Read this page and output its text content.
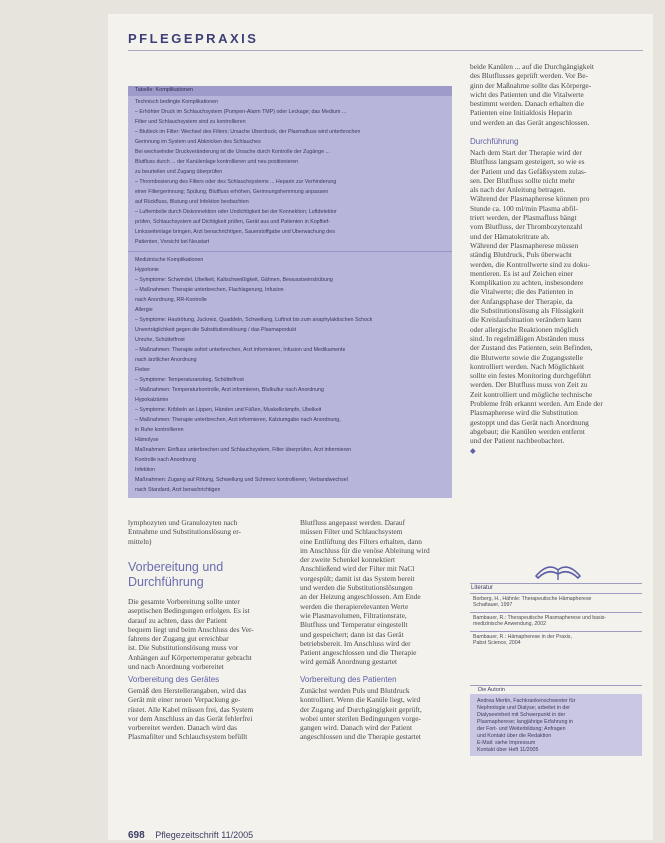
PFLEGEPRAXIS
Tabelle: Komplikationen
Technisch bedingte Komplikationen
– Erhöhter Druck im Schlauchsystem (Pumpen-Alarm TMP) oder Leckage; das Medium ...
Filter und Schlauchsystem sind zu kontrollieren
– Blutleck im Filter: Wechsel des Filters; Ursache Überdruck; der Plasmafluss wird unterbrochen
Gerinnung im System und Abknicken des Schlauches
Bei wechselnder Druckveränderung ist die Ursache durch Kontrolle der Zugänge ...
Blutfluss durch ... der Kanülenlage kontrollieren und neu positionieren
zu beurteilen und Zugang überprüfen
– Thrombosierung des Filters oder des Schlauchsystems ... Heparin zur Verhinderung
einer Filtergerinnung; Spülung, Blutfluss erhöhen, Gerinnungshemmung anpassen
auf Rückfluss, Blutung und Infektion beobachten
– Luftembolie durch Diskonnektion oder Undichtigkeit bei der Konnektion; Luftdetektor
prüfen, Schlauchsystem auf Dichtigkeit prüfen, Gerät aus und Patienten in Kopftief-
Linksseitenlage bringen, Arzt benachrichtigen, Sauerstoffgabe und Überwachung des
Patienten, Vorsicht bei Neustart
Medizinische Komplikationen
Hypotonie
– Symptome: Schwindel, Übelkeit, Kaltschweißigkeit, Gähnen, Bewusstseinstrübung
– Maßnahmen: Therapie unterbrechen, Flachlagerung, Infusion
nach Anordnung, RR-Kontrolle
Allergie
– Symptome: Hautrötung, Juckreiz, Quaddeln, Schwellung, Luftnot bis zum anaphylaktischen Schock
Unverträglichkeit gegen die Substitutionslösung / das Plasmaprodukt
Unruhe, Schüttelfrost
– Maßnahmen: Therapie sofort unterbrechen, Arzt informieren, Infusion und Medikamente
nach ärztlicher Anordnung
Fieber
– Symptome: Temperaturanstieg, Schüttelfrost
– Maßnahmen: Temperaturkontrolle, Arzt informieren, Blutkultur nach Anordnung
Hypokalzämie
– Symptome: Kribbeln an Lippen, Händen und Füßen, Muskelkrämpfe, Übelkeit
– Maßnahmen: Therapie unterbrechen, Arzt informieren, Kalziumgabe nach Anordnung,
in Ruhe kontrollieren
Hämolyse
Maßnahmen: Einfluss unterbrechen und Schlauchsystem, Filter überprüfen, Arzt informieren
Kontrolle nach Anordnung
Infektion
Maßnahmen: Zugang auf Rötung, Schwellung und Schmerz kontrollieren, Verbandwechsel
nach Standard, Arzt benachrichtigen

lymphozyten und Granulozyten nach

Entnahme und Substitutionslösung er-

mitteln)

Vorbereitung und
Durchführung

Die gesamte Vorbereitung sollte unter

aseptischen Bedingungen erfolgen. Es ist

darauf zu achten, dass der Patient

bequem liegt und beim Anschluss des Ver-

fahrens der Zugang gut erreichbar

ist. Die Substitutionslösung muss vor

Anhängen auf Körpertemperatur gebracht

und nach Anordnung vorbereitet

Vorbereitung des Gerätes

Gemäß den Herstellerangaben, wird das

Gerät mit einer neuen Verpackung ge-

rüstet. Alle Kabel müssen frei, das System

vor dem Anschluss an das Gerät fehlerfrei

vorbereitet werden. Danach wird das

Plasmafilter und Schlauchsystem befüllt

Blutfluss angepasst werden. Darauf

müssen Filter und Schlauchsystem

eine Entlüftung des Filters erhalten, dann

im Anschluss für die venöse Ableitung wird

der zweite Schenkel konnektiert

Anschließend wird der Filter mit NaCl

vorgespült; damit ist das System bereit

und werden die Substitutionslösungen

an der Heizung angeschlossen. Am Ende

werden die therapierelevanten Werte

wie Plasmavolumen, Filtrationsrate,

Blutfluss und Temperatur eingestellt

und gespeichert; dann ist das Gerät

betriebsbereit. Im Anschluss wird der

Patient angeschlossen und die Therapie

wird gemäß Anordnung gestartet

Vorbereitung des Patienten

Zunächst werden Puls und Blutdruck

kontrolliert. Wenn die Kanüle liegt, wird

der Zugang auf Durchgängigkeit geprüft,

wobei unter sterilen Bedingungen vorge-

gangen wird. Danach wird der Patient

angeschlossen und die Therapie gestartet

beide Kanülen ... auf die Durchgängigkeit

des Blutflusses geprüft werden. Vor Be-

ginn der Maßnahme sollte das Körperge-

wicht des Patienten und die Vitalwerte

bestimmt werden. Danach erhalten die

Patienten eine Initialdosis Heparin

und werden an das Gerät angeschlossen.

Durchführung

Nach dem Start der Therapie wird der

Blutfluss langsam gesteigert, so wie es

der Patient und das Gefäßsystem zulas-

sen. Der Blutfluss sollte nicht mehr

als nach der Anleitung betragen.

Während der Plasmapherese können pro

Stunde ca. 100 ml/min Plasma abfil-

triert werden, der Plasmafluss hängt

vom Blutfluss, der Thrombozytenzahl

und der Hämatokritrate ab.

Während der Plasmapherese müssen

ständig Blutdruck, Puls überwacht

werden, die Kontrollwerte sind zu doku-

mentieren. Es ist auf Zeichen einer

Komplikation zu achten, insbesondere

die Vitalwerte; die des Patienten in

der Anfangsphase der Therapie, da

die Substitutionslösung als Flüssigkeit

die Kreislaufsituation verändern kann

oder allergische Reaktionen möglich

sind. In regelmäßigen Abständen muss

der Zustand des Patienten, sein Befinden,

die Blutwerte sowie die Zugangsstelle

kontrolliert werden. Nach Möglichkeit

sollte ein festes Monitoring durchgeführt

werden. Der Blutfluss muss von Zeit zu

Zeit kontrolliert und mögliche technische

Probleme früh erkannt werden. Am Ende der

Plasmapherese wird die Substitution

gestoppt und das Gerät nach Anordnung

abgebaut; die Kanülen werden entfernt

und der Patient nachbeobachtet.

◆
Literatur
Borberg, H., Hähnle: Therapeutische Hämapherese
Schattauer, 1997
Bambauer, R.: Therapeutische Plasmapherese und basis-
medizinische Anwendung, 2002
Bambauer, R.: Hämapherese in der Praxis,
Pabst Science, 2004
Die Autorin
Andrea Mertin, Fachkrankenschwester für
Nephrologie und Dialyse; arbeitet in der
Dialyseeinheit mit Schwerpunkt in der
Plasmapherese; langjährige Erfahrung in
der Fort- und Weiterbildung; Anfragen
und Kontakt über die Redaktion
E-Mail: siehe Impressum
Kontakt über Heft 11/2005
698 Pflegezeitschrift 11/2005
